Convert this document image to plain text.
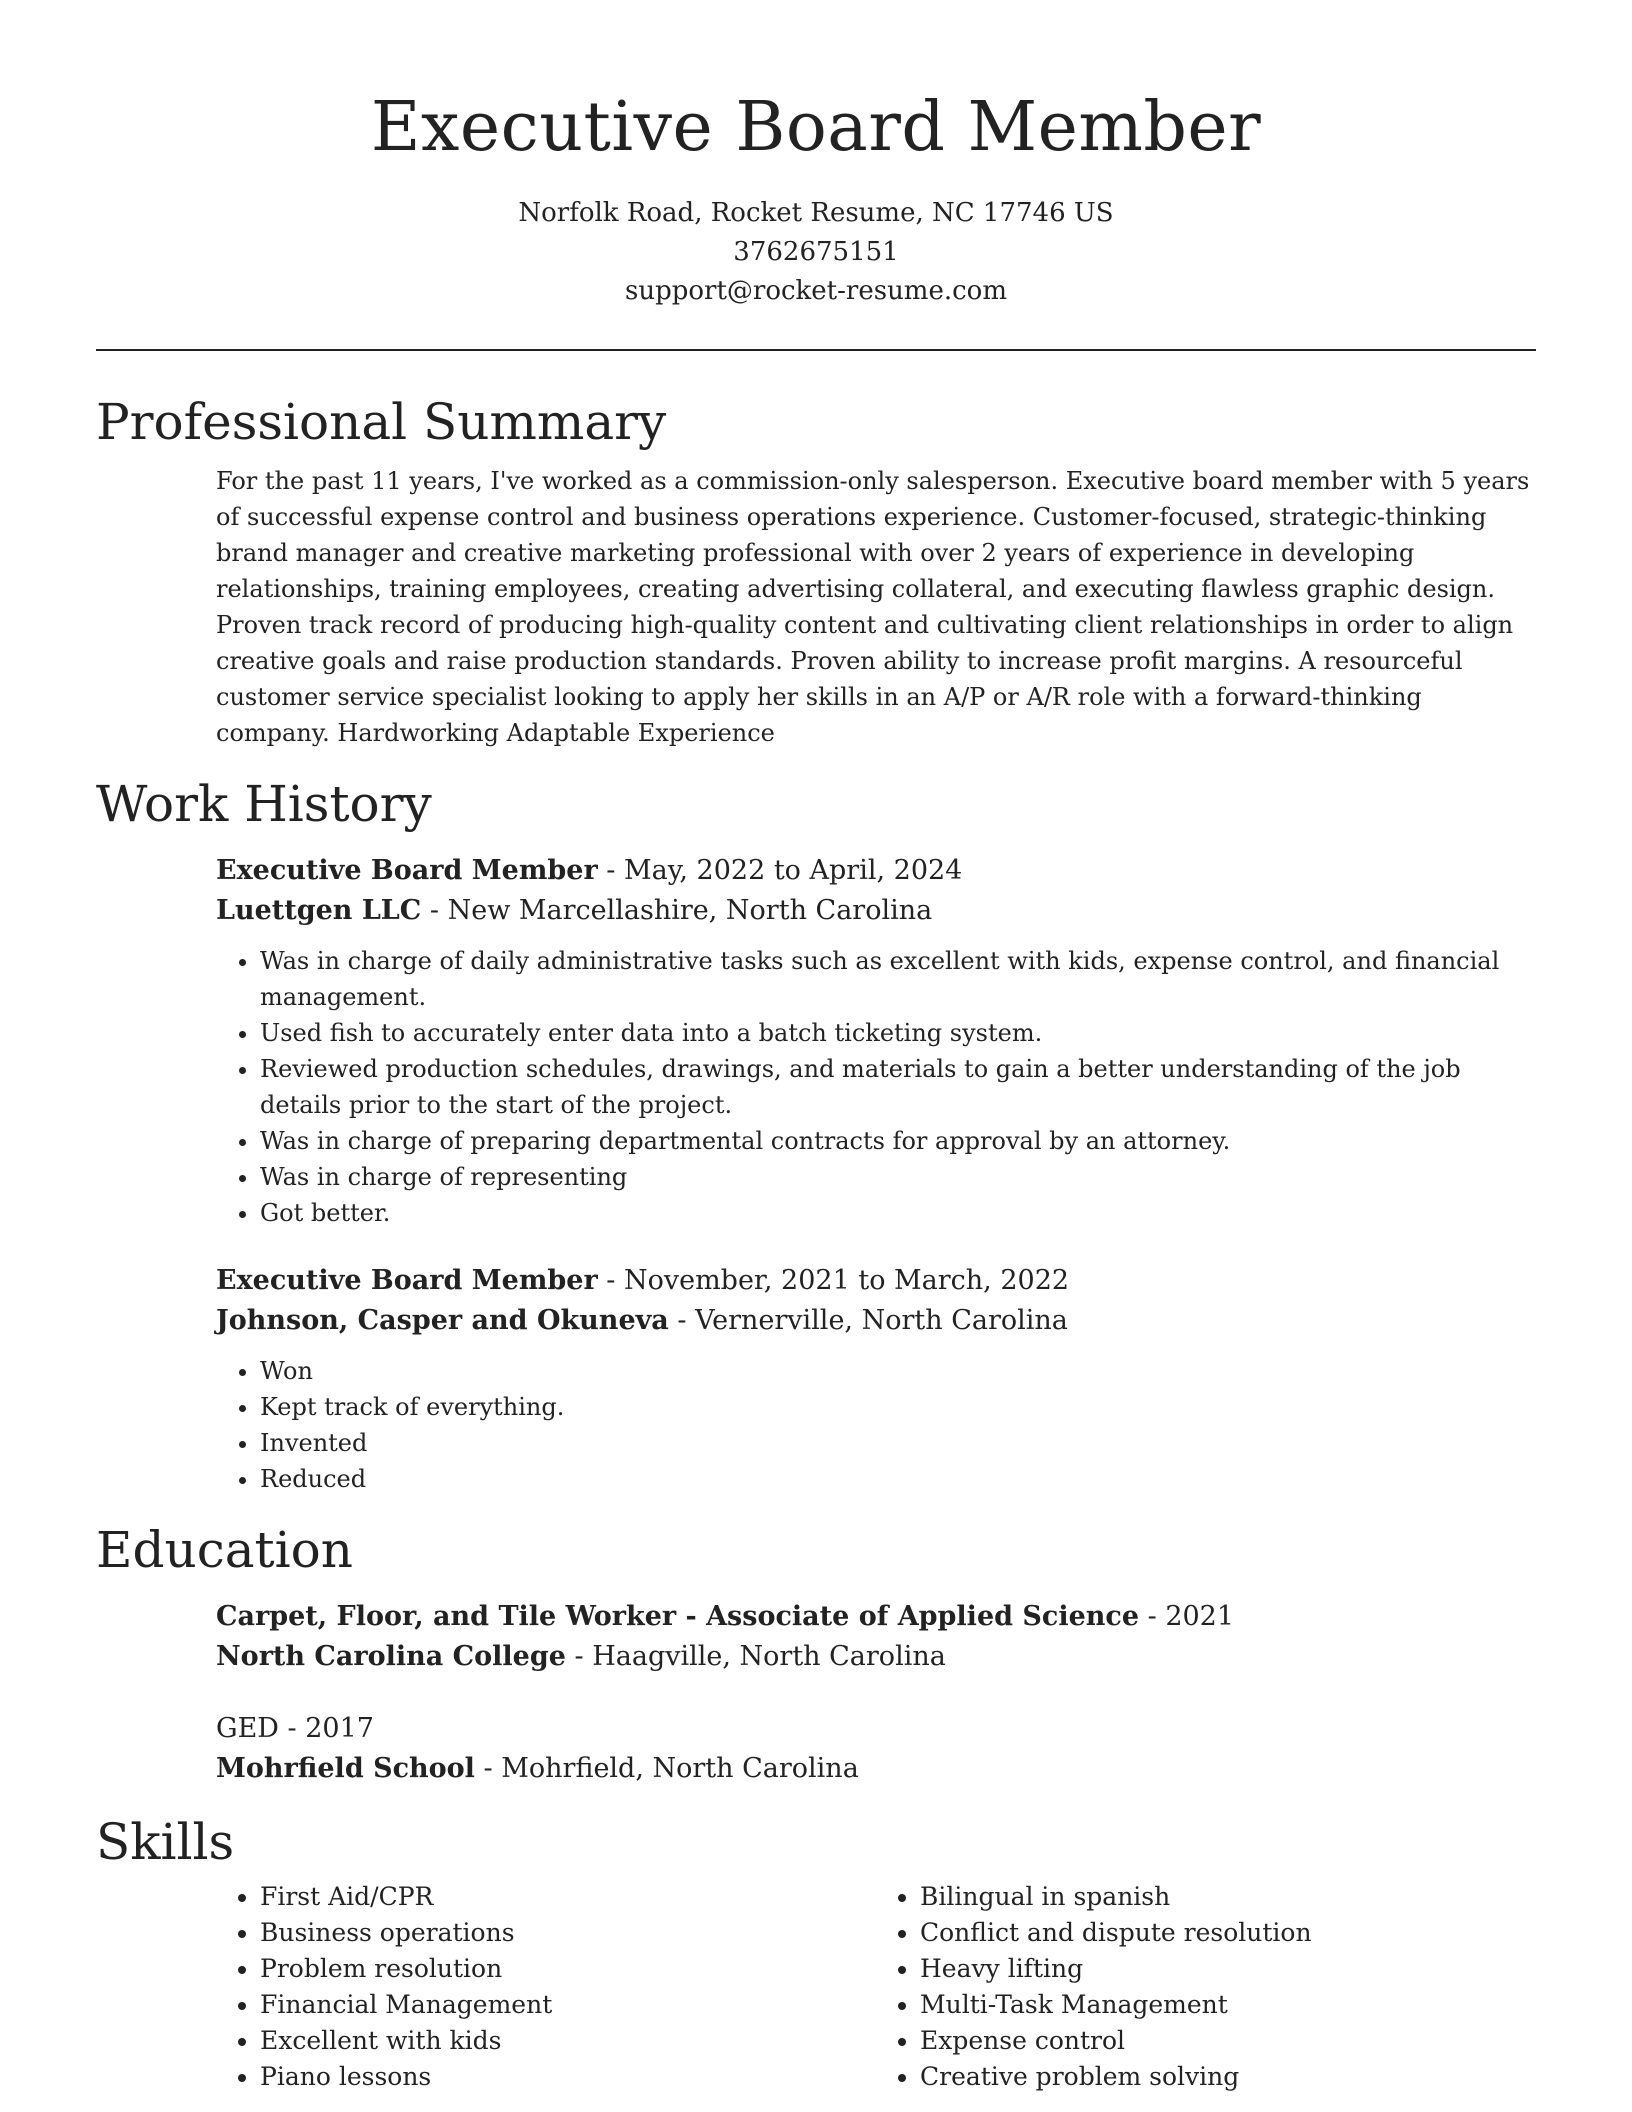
Executive Board Member
Norfolk Road, Rocket Resume, NC 17746 US
3762675151
support@rocket-resume.com
Professional Summary
For the past 11 years, I've worked as a commission-only salesperson. Executive board member with 5 years of successful expense control and business operations experience. Customer-focused, strategic-thinking brand manager and creative marketing professional with over 2 years of experience in developing relationships, training employees, creating advertising collateral, and executing flawless graphic design. Proven track record of producing high-quality content and cultivating client relationships in order to align creative goals and raise production standards. Proven ability to increase profit margins. A resourceful customer service specialist looking to apply her skills in an A/P or A/R role with a forward-thinking company. Hardworking Adaptable Experience
Work History
Executive Board Member - May, 2022 to April, 2024
Luettgen LLC - New Marcellashire, North Carolina
• Was in charge of daily administrative tasks such as excellent with kids, expense control, and financial management.
• Used fish to accurately enter data into a batch ticketing system.
• Reviewed production schedules, drawings, and materials to gain a better understanding of the job details prior to the start of the project.
• Was in charge of preparing departmental contracts for approval by an attorney.
• Was in charge of representing
• Got better.
Executive Board Member - November, 2021 to March, 2022
Johnson, Casper and Okuneva - Vernerville, North Carolina
• Won
• Kept track of everything.
• Invented
• Reduced
Education
Carpet, Floor, and Tile Worker - Associate of Applied Science - 2021
North Carolina College - Haagville, North Carolina
GED - 2017
Mohrfield School - Mohrfield, North Carolina
Skills
• First Aid/CPR
• Business operations
• Problem resolution
• Financial Management
• Excellent with kids
• Piano lessons
• Bilingual in spanish
• Conflict and dispute resolution
• Heavy lifting
• Multi-Task Management
• Expense control
• Creative problem solving
